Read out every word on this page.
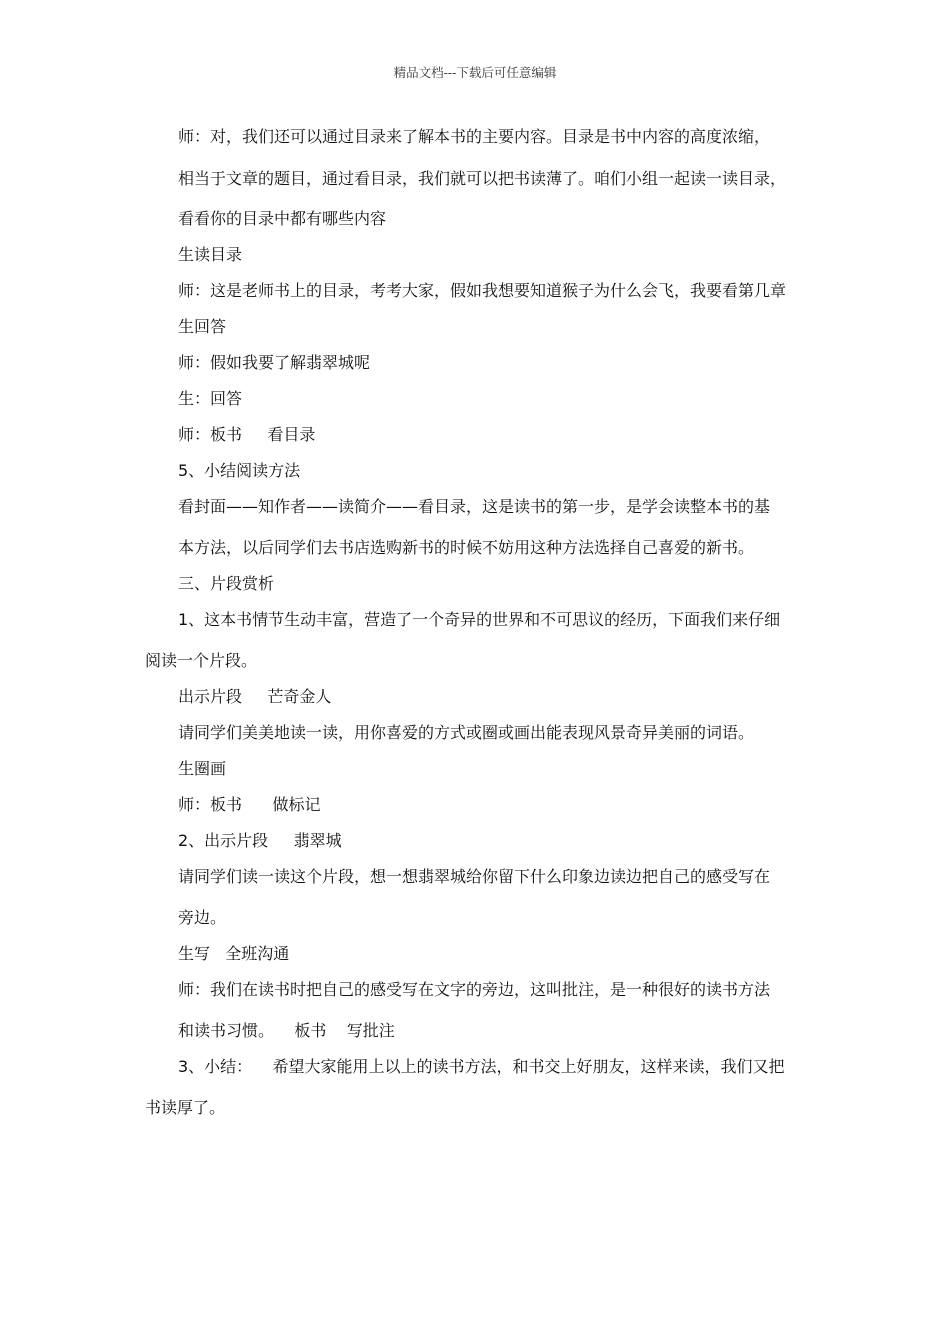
精品文档---下载后可任意编辑
师：对，我们还可以通过目录来了解本书的主要内容。目录是书中内容的高度浓缩，
相当于文章的题目，通过看目录，我们就可以把书读薄了。咱们小组一起读一读目录，
看看你的目录中都有哪些内容
生读目录
师：这是老师书上的目录，考考大家，假如我想要知道猴子为什么会飞，我要看第几章
生回答
师：假如我要了解翡翠城呢
生：回答
师：板书     看目录
5、小结阅读方法
看封面——知作者——读简介——看目录，这是读书的第一步，是学会读整本书的基
本方法，以后同学们去书店选购新书的时候不妨用这种方法选择自己喜爱的新书。
三、片段赏析
1、这本书情节生动丰富，营造了一个奇异的世界和不可思议的经历，下面我们来仔细
阅读一个片段。
出示片段     芒奇金人
请同学们美美地读一读，用你喜爱的方式或圈或画出能表现风景奇异美丽的词语。
生圈画
师：板书      做标记
2、出示片段     翡翠城
请同学们读一读这个片段，想一想翡翠城给你留下什么印象边读边把自己的感受写在
旁边。
生写   全班沟通
师：我们在读书时把自己的感受写在文字的旁边，这叫批注，是一种很好的读书方法
和读书习惯。    板书    写批注
3、小结：    希望大家能用上以上的读书方法，和书交上好朋友，这样来读，我们又把
书读厚了。
